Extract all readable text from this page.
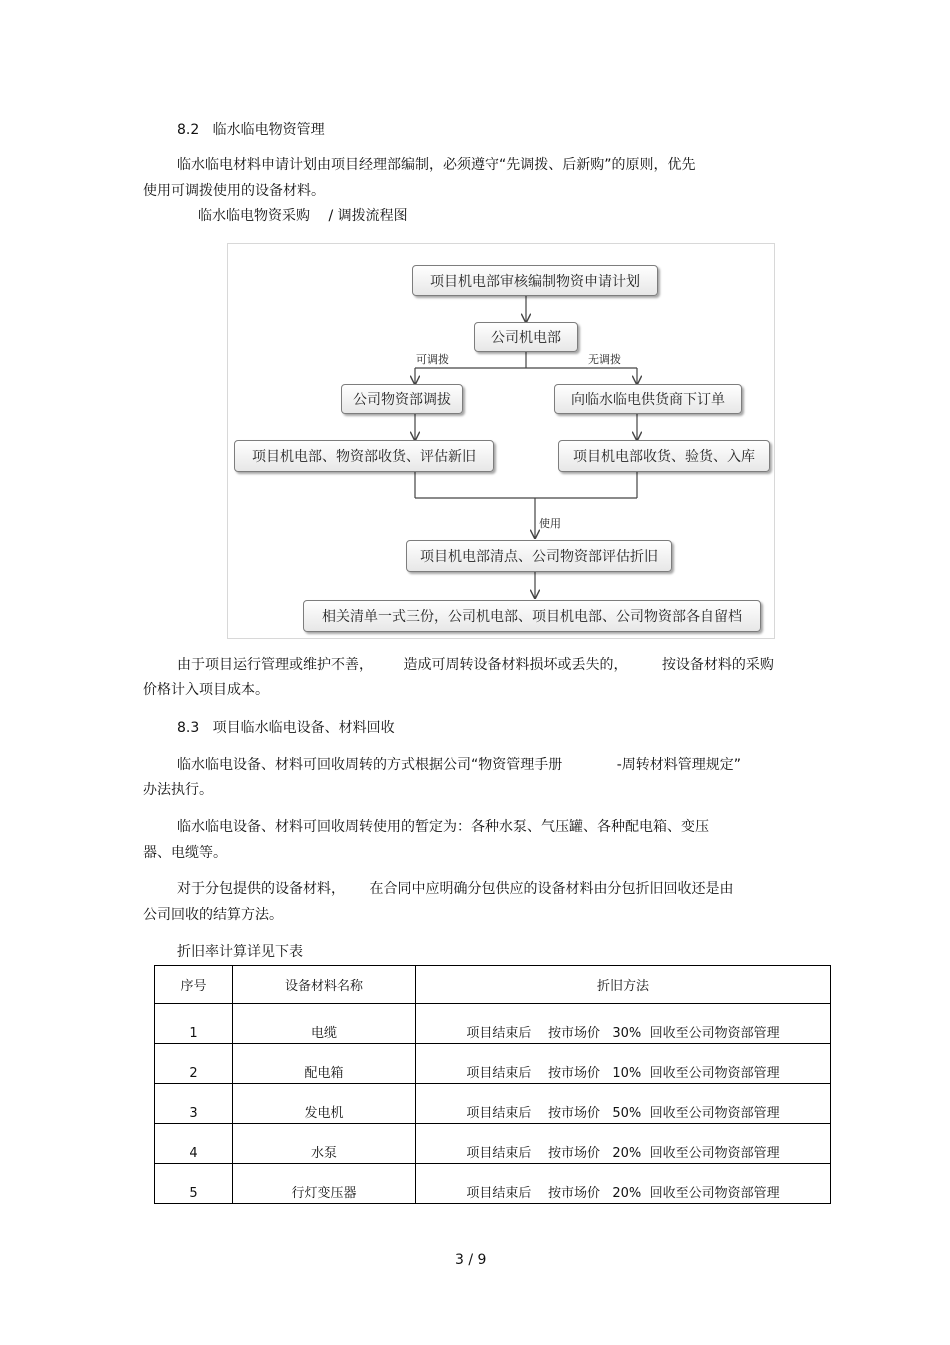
8.2 临水临电物资管理
临水临电材料申请计划由项目经理部编制，必须遵守“先调拨、后新购”的原则，优先
使用可调拨使用的设备材料。
临水临电物资采购 / 调拨流程图
项目机电部审核编制物资申请计划
公司机电部
可调拨	无调拨
公司物资部调拔	向临水临电供货商下订单
项目机电部、物资部收货、评估新旧	项目机电部收货、验货、入库
使用
项目机电部清点、公司物资部评估折旧
相关清单一式三份，公司机电部、项目机电部、公司物资部各自留档
由于项目运行管理或维护不善， 造成可周转设备材料损坏或丢失的， 按设备材料的采购
价格计入项目成本。
8.3 项目临水临电设备、材料回收
临水临电设备、材料可回收周转的方式根据公司“物资管理手册	-周转材料管理规定”
办法执行。
临水临电设备、材料可回收周转使用的暂定为：各种水泵、气压罐、各种配电箱、变压
器、电缆等。
对于分包提供的设备材料， 在合同中应明确分包供应的设备材料由分包折旧回收还是由
公司回收的结算方法。
折旧率计算详见下表
序号	设备材料名称	折旧方法
1	电缆	项目结束后 按市场价 30% 回收至公司物资部管理
2	配电箱	项目结束后 按市场价 10% 回收至公司物资部管理
3	发电机	项目结束后 按市场价 50% 回收至公司物资部管理
4	水泵	项目结束后 按市场价 20% 回收至公司物资部管理
5	行灯变压器	项目结束后 按市场价 20% 回收至公司物资部管理
3 / 9
